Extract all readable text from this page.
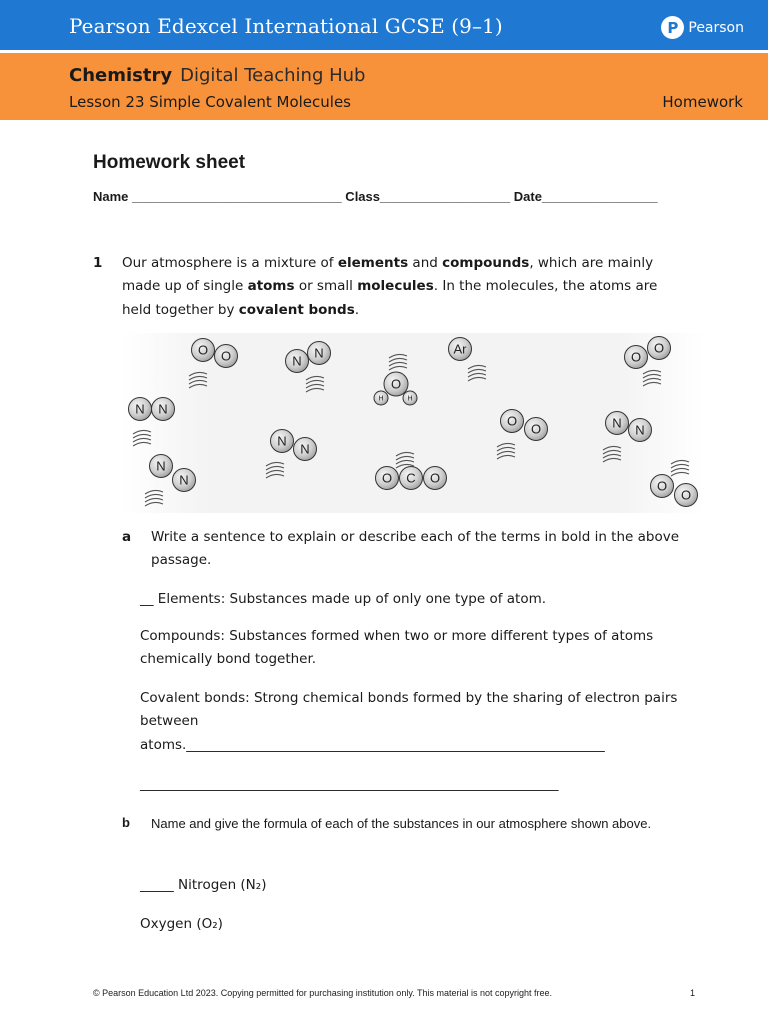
Pearson Edexcel International GCSE (9–1)	P Pearson
Chemistry Digital Teaching Hub
Lesson 23 Simple Covalent Molecules	Homework
Homework sheet
Name _____________________________ Class__________________ Date________________
1 Our atmosphere is a mixture of elements and compounds, which are mainly made up of single atoms or small molecules. In the molecules, the atoms are held together by covalent bonds.
O O	N
N	Ar
O
O
O
H	H
N N
O
O	N N
N
N
N
N	O C O
O
O
a Write a sentence to explain or describe each of the terms in bold in the above passage.
__ Elements: Substances made up of only one type of atom.
Compounds: Substances formed when two or more different types of atoms chemically bond together.
Covalent bonds: Strong chemical bonds formed by the sharing of electron pairs between
atoms.______________________________________________________________
______________________________________________________________
b Name and give the formula of each of the substances in our atmosphere shown above.
_____ Nitrogen (N₂)
Oxygen (O₂)
© Pearson Education Ltd 2023. Copying permitted for purchasing institution only. This material is not copyright free.	1
